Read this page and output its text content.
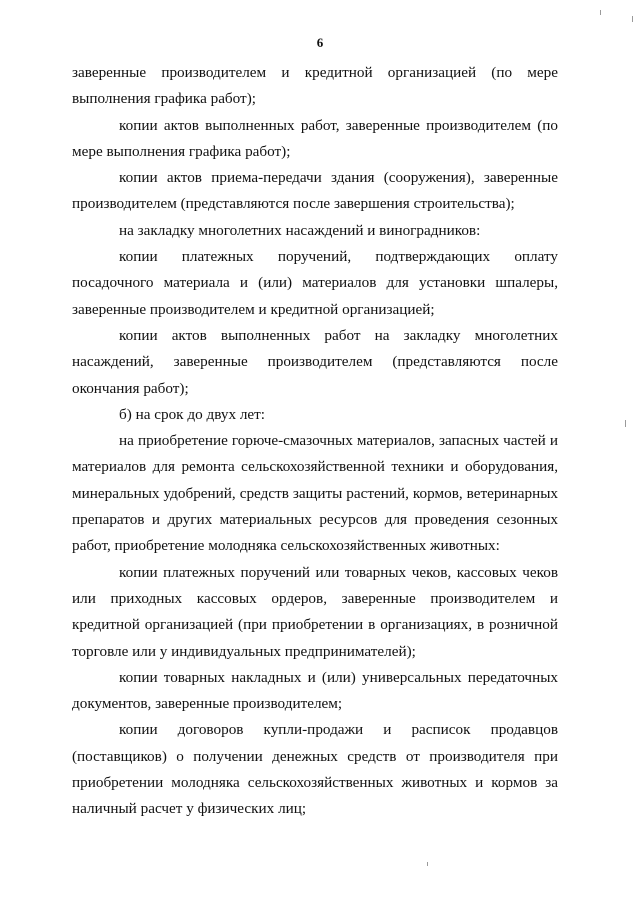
6

заверенные производителем и кредитной организацией (по мере выполнения графика работ);

копии актов выполненных работ, заверенные производителем (по мере выполнения графика работ);

копии актов приема-передачи здания (сооружения), заверенные производителем (представляются после завершения строительства);

на закладку многолетних насаждений и виноградников:

копии платежных поручений, подтверждающих оплату посадочного материала и (или) материалов для установки шпалеры, заверенные производителем и кредитной организацией;

копии актов выполненных работ на закладку многолетних насаждений, заверенные производителем (представляются после окончания работ);

б) на срок до двух лет:

на приобретение горюче-смазочных материалов, запасных частей и материалов для ремонта сельскохозяйственной техники и оборудования, минеральных удобрений, средств защиты растений, кормов, ветеринарных препаратов и других материальных ресурсов для проведения сезонных работ, приобретение молодняка сельскохозяйственных животных:

копии платежных поручений или товарных чеков, кассовых чеков или приходных кассовых ордеров, заверенные производителем и кредитной организацией (при приобретении в организациях, в розничной торговле или у индивидуальных предпринимателей);

копии товарных накладных и (или) универсальных передаточных документов, заверенные производителем;

копии договоров купли-продажи и расписок продавцов (поставщиков) о получении денежных средств от производителя при приобретении молодняка сельскохозяйственных животных и кормов за наличный расчет у физических лиц;
